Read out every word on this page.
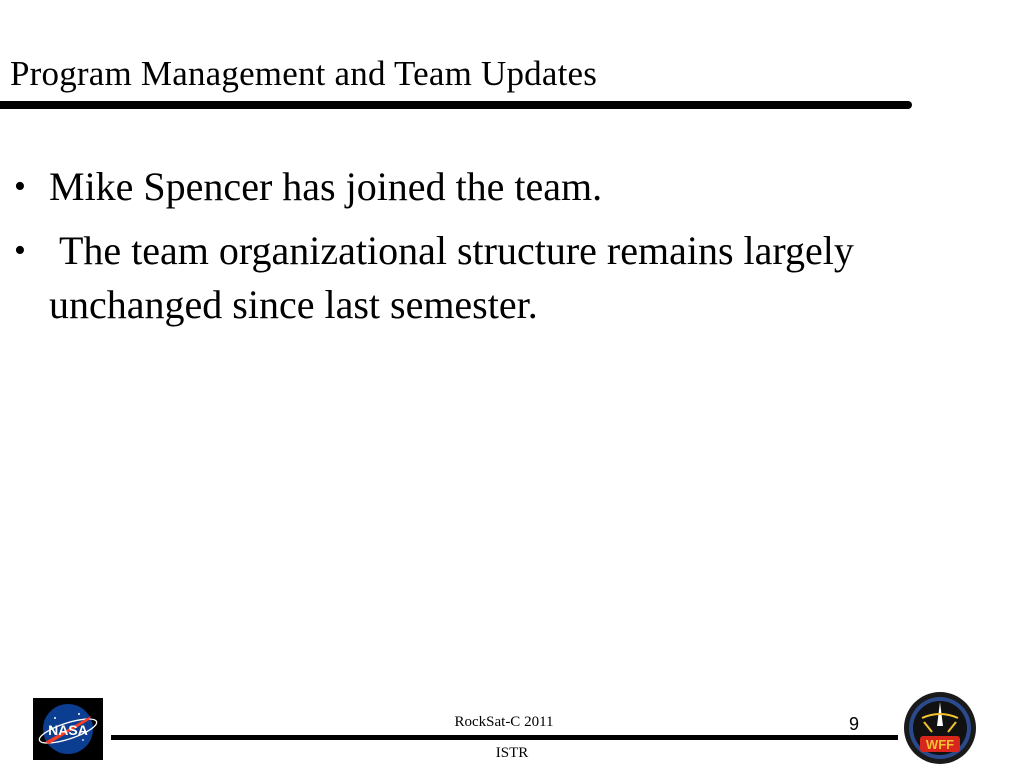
Program Management and Team Updates
• Mike Spencer has joined the team.
• The team organizational structure remains largely unchanged since last semester.
NASA	RockSat-C 2011	9
ISTR
WFF
